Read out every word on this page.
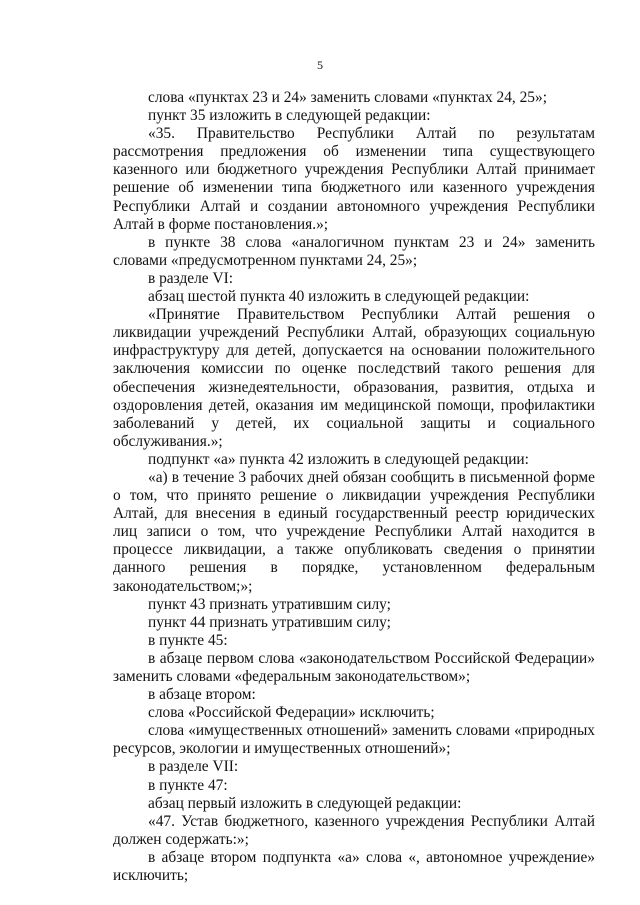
5

слова «пунктах 23 и 24» заменить словами «пунктах 24, 25»;

пункт 35 изложить в следующей редакции:

«35. Правительство Республики Алтай по результатам рассмотрения предложения об изменении типа существующего казенного или бюджетного учреждения Республики Алтай принимает решение об изменении типа бюджетного или казенного учреждения Республики Алтай и создании автономного учреждения Республики Алтай в форме постановления.»;

в пункте 38 слова «аналогичном пунктам 23 и 24» заменить словами «предусмотренном пунктами 24, 25»;

в разделе VI:

абзац шестой пункта 40 изложить в следующей редакции:

«Принятие Правительством Республики Алтай решения о ликвидации учреждений Республики Алтай, образующих социальную инфраструктуру для детей, допускается на основании положительного заключения комиссии по оценке последствий такого решения для обеспечения жизнедеятельности, образования, развития, отдыха и оздоровления детей, оказания им медицинской помощи, профилактики заболеваний у детей, их социальной защиты и социального обслуживания.»;

подпункт «а» пункта 42 изложить в следующей редакции:

«а) в течение 3 рабочих дней обязан сообщить в письменной форме о том, что принято решение о ликвидации учреждения Республики Алтай, для внесения в единый государственный реестр юридических лиц записи о том, что учреждение Республики Алтай находится в процессе ликвидации, а также опубликовать сведения о принятии данного решения в порядке, установленном федеральным законодательством;»;

пункт 43 признать утратившим силу;

пункт 44 признать утратившим силу;

в пункте 45:

в абзаце первом слова «законодательством Российской Федерации» заменить словами «федеральным законодательством»;

в абзаце втором:

слова «Российской Федерации» исключить;

слова «имущественных отношений» заменить словами «природных ресурсов, экологии и имущественных отношений»;

в разделе VII:

в пункте 47:

абзац первый изложить в следующей редакции:

«47. Устав бюджетного, казенного учреждения Республики Алтай должен содержать:»;

в абзаце втором подпункта «а» слова «, автономное учреждение» исключить;
